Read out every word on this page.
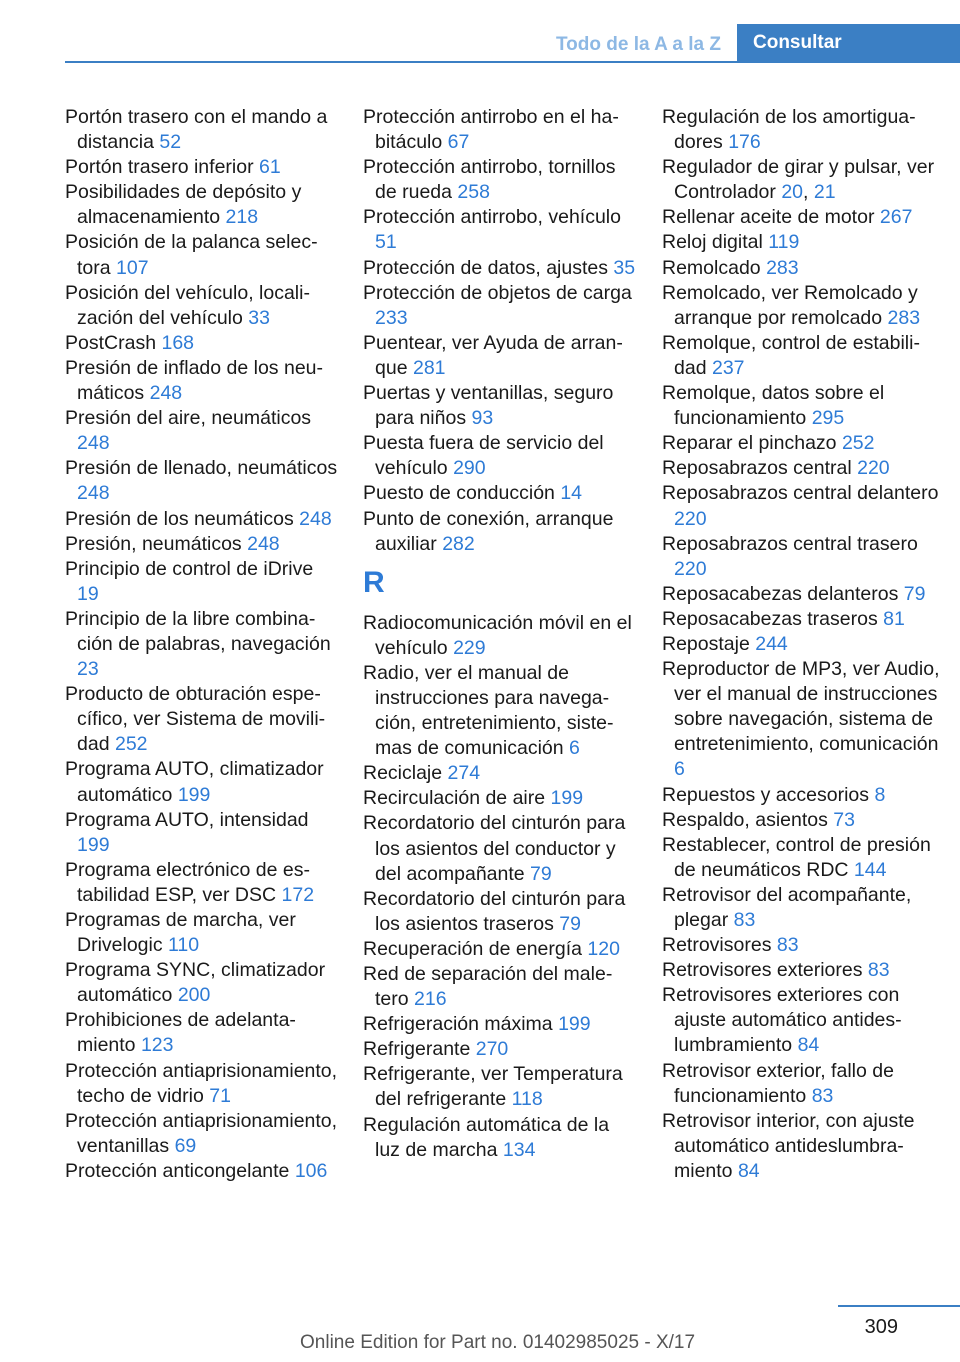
Todo de la A a la Z	Consultar
Portón trasero con el mando a distancia 52
Portón trasero inferior 61
Posibilidades de depósito y almacenamiento 218
Posición de la palanca selectora 107
Posición del vehículo, localización del vehículo 33
PostCrash 168
Presión de inflado de los neumáticos 248
Presión del aire, neumáticos 248
Presión de llenado, neumáticos 248
Presión de los neumáticos 248
Presión, neumáticos 248
Principio de control de iDrive 19
Principio de la libre combinación de palabras, navegación 23
Producto de obturación específico, ver Sistema de movilidad 252
Programa AUTO, climatizador automático 199
Programa AUTO, intensidad 199
Programa electrónico de estabilidad ESP, ver DSC 172
Programas de marcha, ver Drivelogic 110
Programa SYNC, climatizador automático 200
Prohibiciones de adelantamiento 123
Protección antiaprisionamiento, techo de vidrio 71
Protección antiaprisionamiento, ventanillas 69
Protección anticongelante 106
Protección antirrobo en el habitáculo 67
Protección antirrobo, tornillos de rueda 258
Protección antirrobo, vehículo 51
Protección de datos, ajustes 35
Protección de objetos de carga 233
Puentear, ver Ayuda de arranque 281
Puertas y ventanillas, seguro para niños 93
Puesta fuera de servicio del vehículo 290
Puesto de conducción 14
Punto de conexión, arranque auxiliar 282
R
Radiocomunicación móvil en el vehículo 229
Radio, ver el manual de instrucciones para navegación, entretenimiento, sistemas de comunicación 6
Reciclaje 274
Recirculación de aire 199
Recordatorio del cinturón para los asientos del conductor y del acompañante 79
Recordatorio del cinturón para los asientos traseros 79
Recuperación de energía 120
Red de separación del maletero 216
Refrigeración máxima 199
Refrigerante 270
Refrigerante, ver Temperatura del refrigerante 118
Regulación automática de la luz de marcha 134
Regulación de los amortiguadores 176
Regulador de girar y pulsar, ver Controlador 20, 21
Rellenar aceite de motor 267
Reloj digital 119
Remolcado 283
Remolcado, ver Remolcado y arranque por remolcado 283
Remolque, control de estabilidad 237
Remolque, datos sobre el funcionamiento 295
Reparar el pinchazo 252
Reposabrazos central 220
Reposabrazos central delantero 220
Reposabrazos central trasero 220
Reposacabezas delanteros 79
Reposacabezas traseros 81
Repostaje 244
Reproductor de MP3, ver Audio, ver el manual de instrucciones sobre navegación, sistema de entretenimiento, comunicación 6
Repuestos y accesorios 8
Respaldo, asientos 73
Restablecer, control de presión de neumáticos RDC 144
Retrovisor del acompañante, plegar 83
Retrovisores 83
Retrovisores exteriores 83
Retrovisores exteriores con ajuste automático antideslumbramiento 84
Retrovisor exterior, fallo de funcionamiento 83
Retrovisor interior, con ajuste automático antideslumbramiento 84
309
Online Edition for Part no. 01402985025 - X/17
